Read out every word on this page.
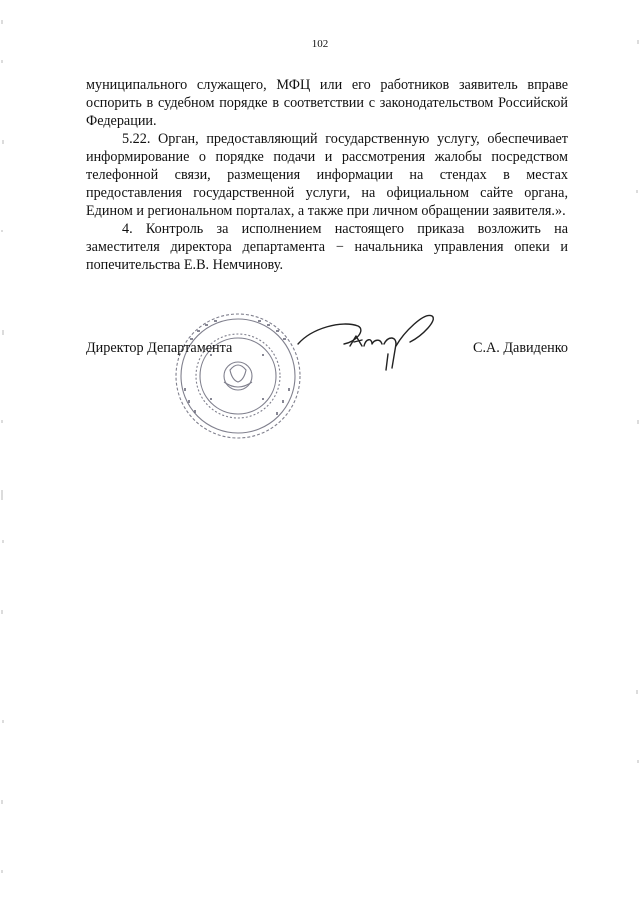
102

муниципального служащего, МФЦ или его работников заявитель вправе оспорить в судебном порядке в соответствии с законодательством Российской Федерации.

5.22. Орган, предоставляющий государственную услугу, обеспечивает информирование о порядке подачи и рассмотрения жалобы посредством телефонной связи, размещения информации на стендах в местах предоставления государственной услуги, на официальном сайте органа, Едином и региональном порталах, а также при личном обращении заявителя.».

4. Контроль за исполнением настоящего приказа возложить на заместителя директора департамента − начальника управления опеки и попечительства Е.В. Немчинову.

Директор Департамента	С.А. Давиденко
